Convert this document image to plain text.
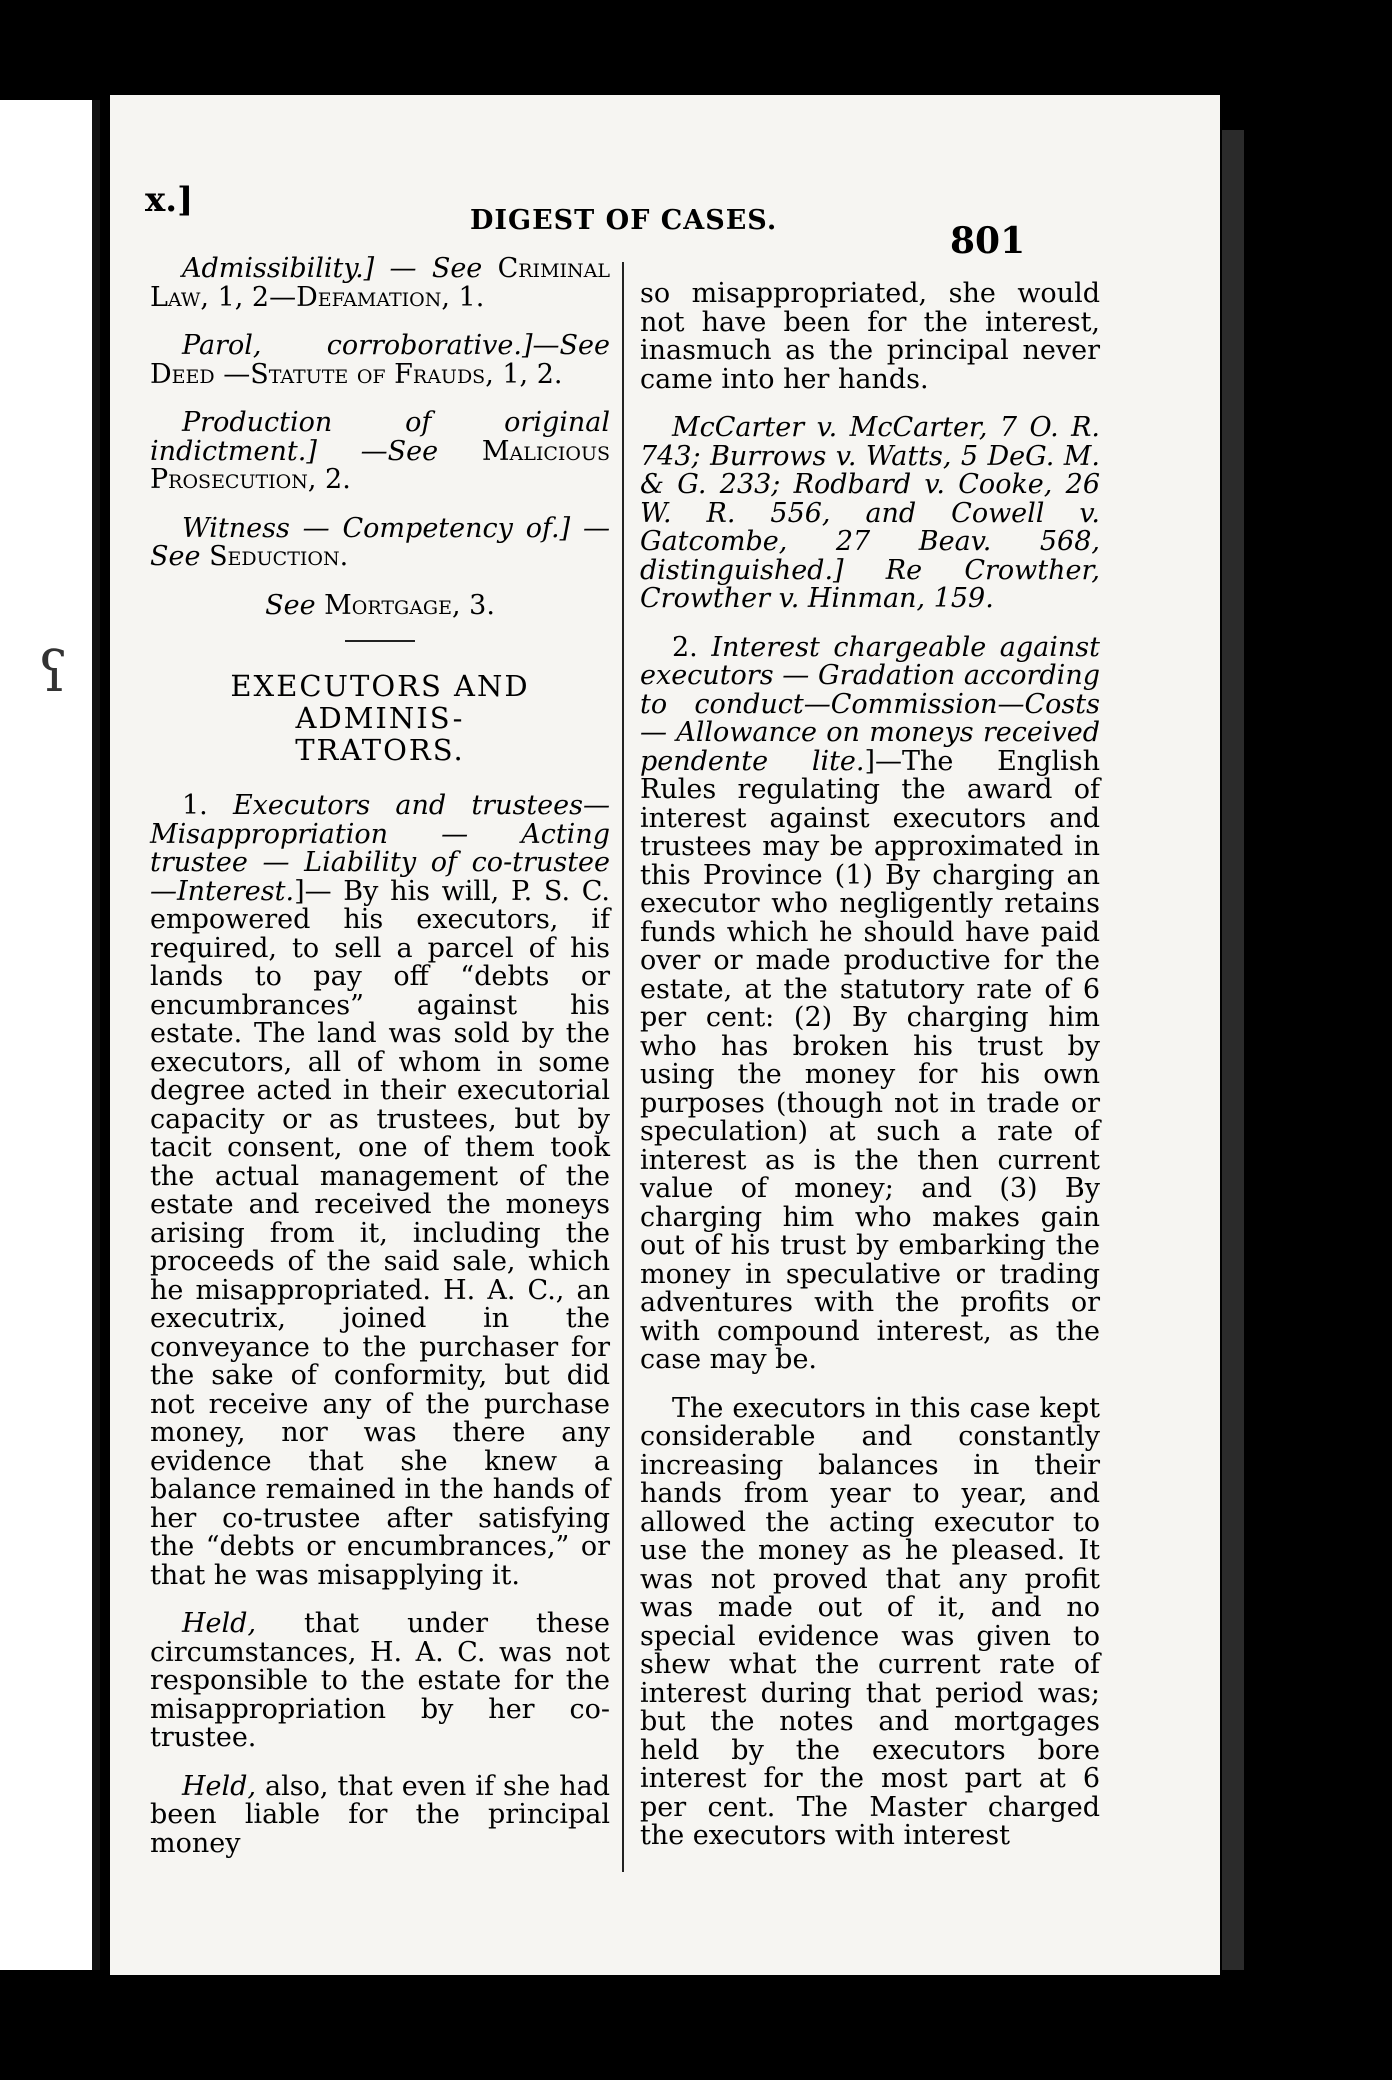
ʕ
x.]
DIGEST OF CASES.	801

Admissibility.] — See Criminal Law, 1, 2—Defamation, 1.

Parol, corroborative.]—See Deed —Statute of Frauds, 1, 2.

Production of original indictment.] —See Malicious Prosecution, 2.

Witness — Competency of.] —See Seduction.

See Mortgage, 3.

EXECUTORS AND ADMINIS-
TRATORS.

1. Executors and trustees—Misappropriation — Acting trustee — Liability of co-trustee—Interest.]— By his will, P. S. C. empowered his executors, if required, to sell a parcel of his lands to pay off “debts or encumbrances” against his estate. The land was sold by the executors, all of whom in some degree acted in their executorial capacity or as trustees, but by tacit consent, one of them took the actual management of the estate and received the moneys arising from it, including the proceeds of the said sale, which he misappropriated. H. A. C., an executrix, joined in the conveyance to the purchaser for the sake of conformity, but did not receive any of the purchase money, nor was there any evidence that she knew a balance remained in the hands of her co-trustee after satisfying the “debts or encumbrances,” or that he was misapplying it.

Held, that under these circumstances, H. A. C. was not responsible to the estate for the misappropriation by her co-trustee.

Held, also, that even if she had been liable for the principal money

so misappropriated, she would not have been for the interest, inasmuch as the principal never came into her hands.

McCarter v. McCarter, 7 O. R. 743; Burrows v. Watts, 5 DeG. M. & G. 233; Rodbard v. Cooke, 26 W. R. 556, and Cowell v. Gatcombe, 27 Beav. 568, distinguished.] Re Crowther, Crowther v. Hinman, 159.

2. Interest chargeable against executors — Gradation according to conduct—Commission—Costs — Allowance on moneys received pendente lite.]—The English Rules regulating the award of interest against executors and trustees may be approximated in this Province (1) By charging an executor who negligently retains funds which he should have paid over or made productive for the estate, at the statutory rate of 6 per cent: (2) By charging him who has broken his trust by using the money for his own purposes (though not in trade or speculation) at such a rate of interest as is the then current value of money; and (3) By charging him who makes gain out of his trust by embarking the money in speculative or trading adventures with the profits or with compound interest, as the case may be.

The executors in this case kept considerable and constantly increasing balances in their hands from year to year, and allowed the acting executor to use the money as he pleased. It was not proved that any profit was made out of it, and no special evidence was given to shew what the current rate of interest during that period was; but the notes and mortgages held by the executors bore interest for the most part at 6 per cent. The Master charged the executors with interest
